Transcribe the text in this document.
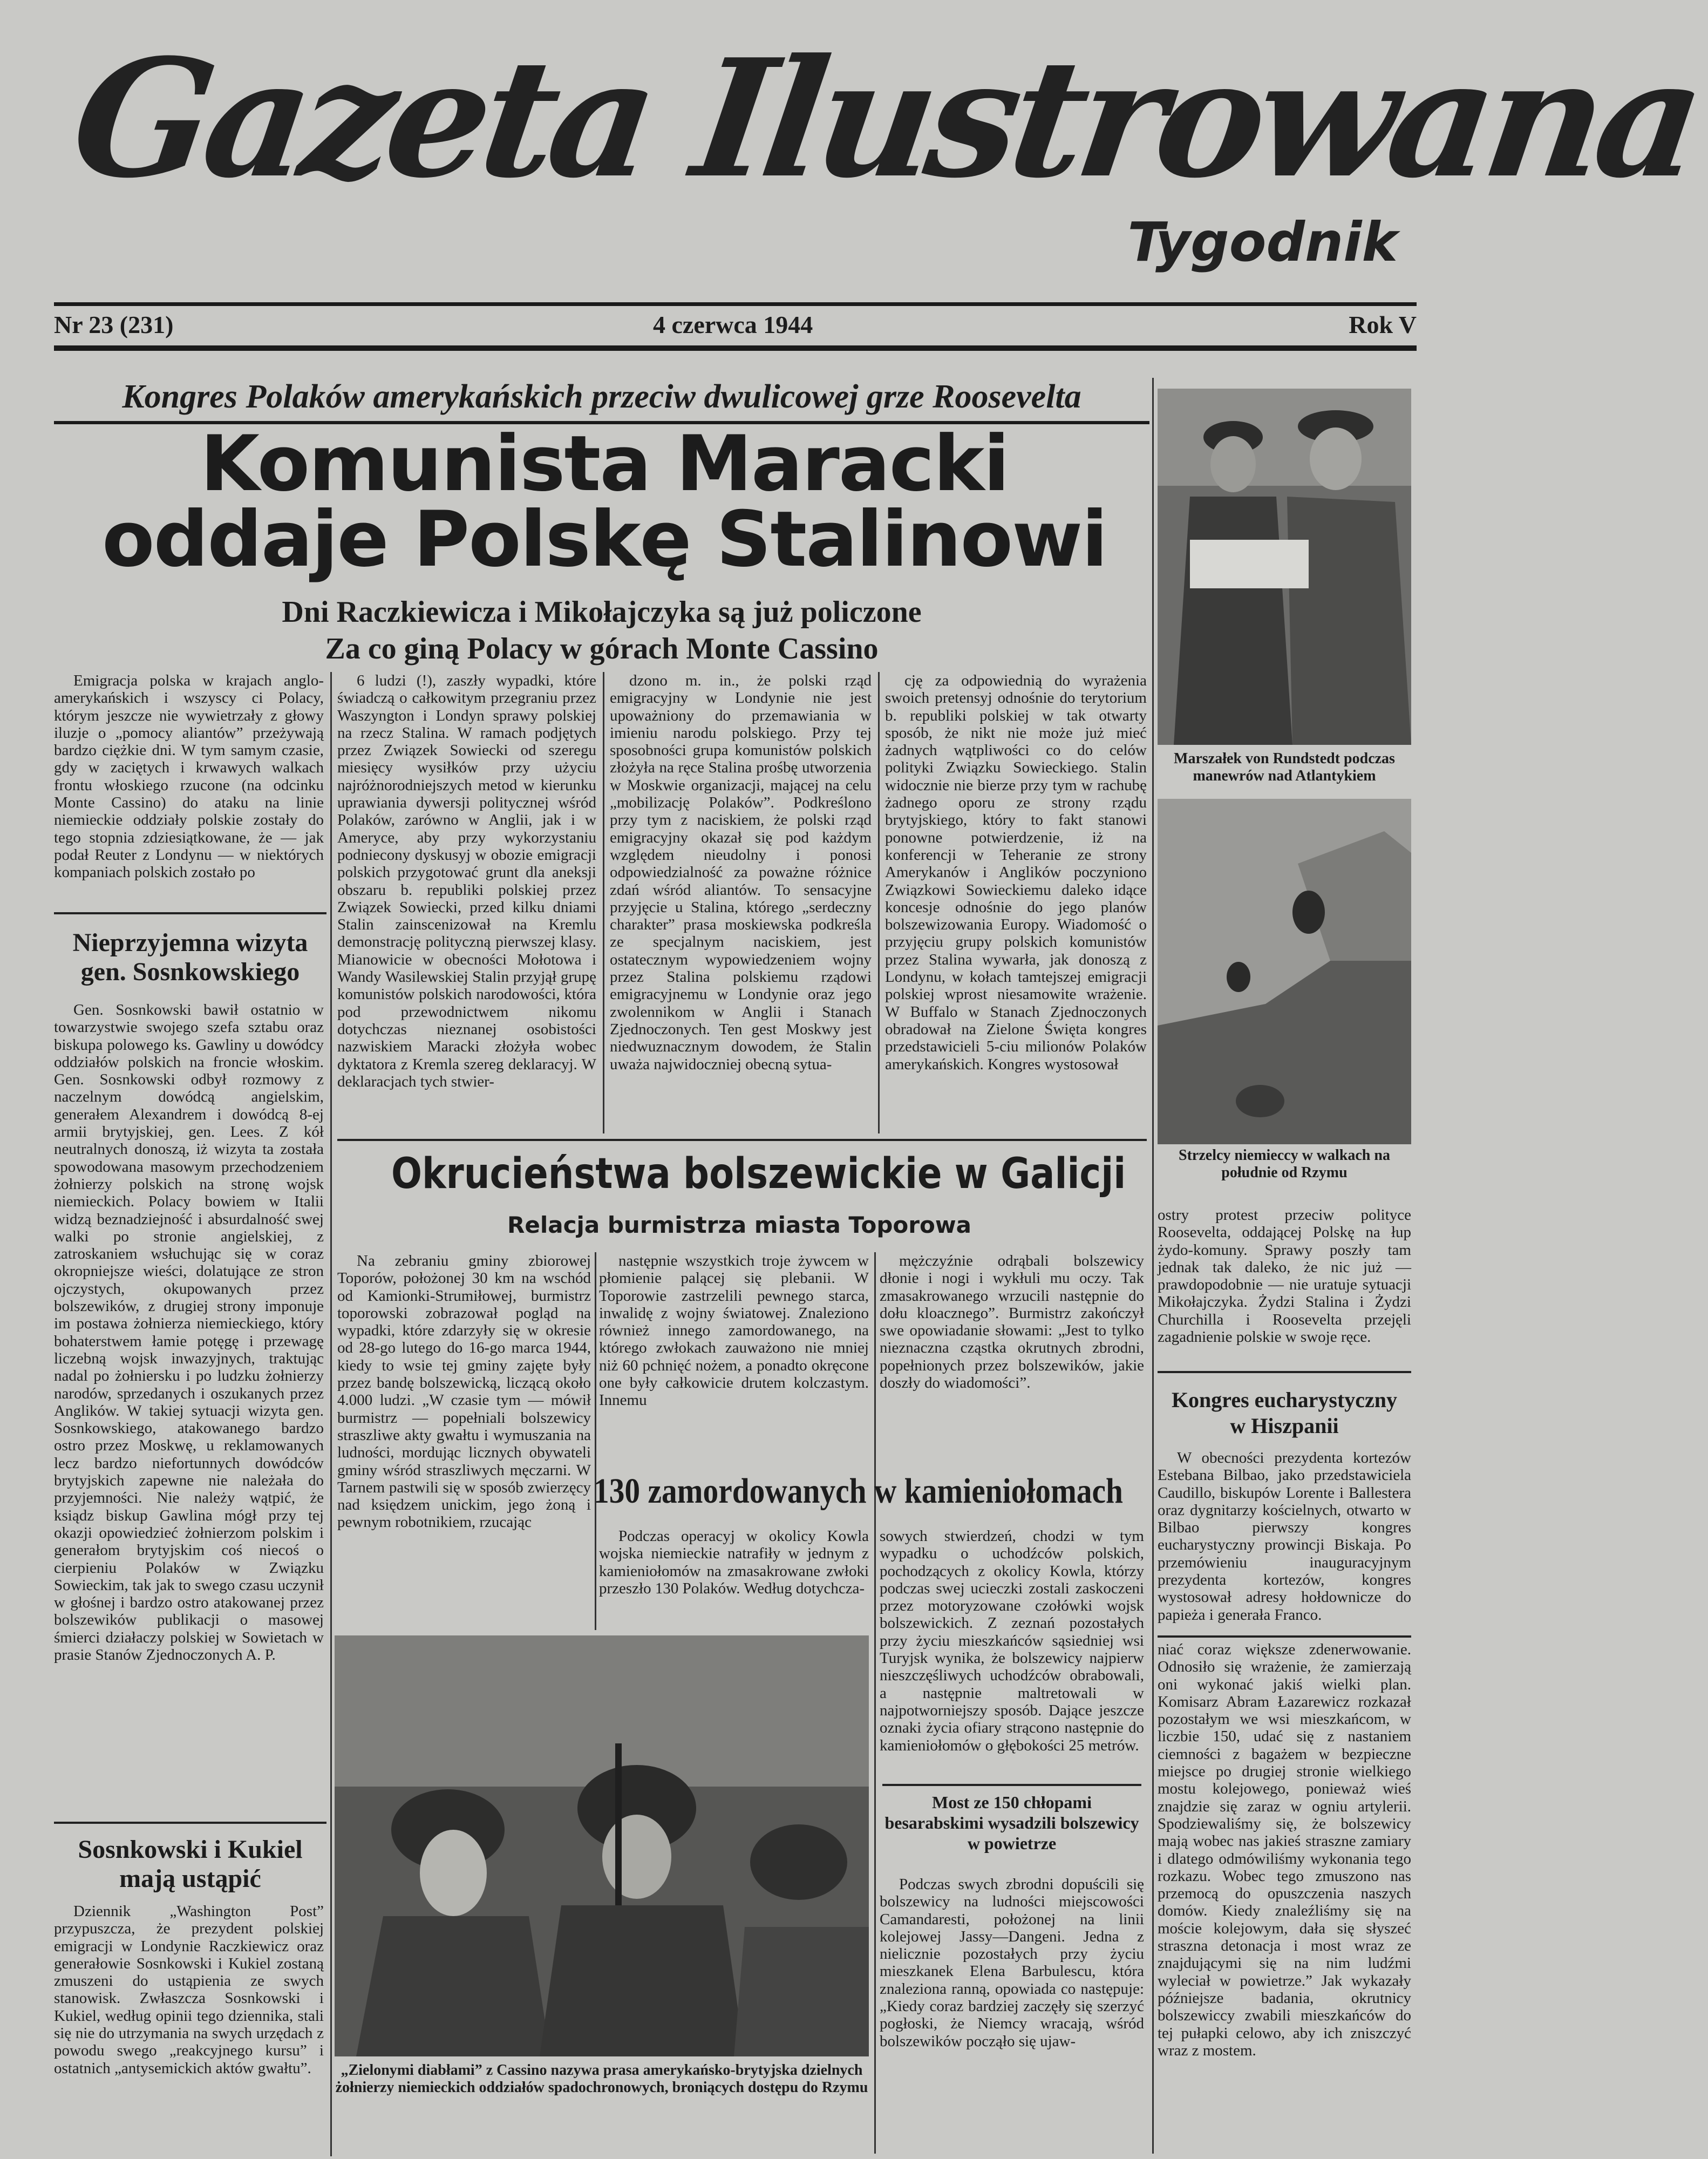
Gazeta Ilustrowana
Tygodnik
Nr 23 (231)	4 czerwca 1944	Rok V
Kongres Polaków amerykańskich przeciw dwulicowej grze Roosevelta
Komunista Maracki
oddaje Polskę Stalinowi
Dni Raczkiewicza i Mikołajczyka są już policzone
Za co giną Polacy w górach Monte Cassino

Emigracja polska w krajach anglo-amerykańskich i wszyscy ci Polacy, którym jeszcze nie wywietrzały z głowy iluzje o „pomocy aliantów” przeżywają bardzo ciężkie dni. W tym samym czasie, gdy w zaciętych i krwawych walkach frontu włoskiego rzucone (na odcinku Monte Cassino) do ataku na linie niemieckie oddziały polskie zostały do tego stopnia zdziesiątkowane, że — jak podał Reuter z Londynu — w niektórych kompaniach polskich zostało po

6 ludzi (!), zaszły wypadki, które świadczą o całkowitym przegraniu przez Waszyngton i Londyn sprawy polskiej na rzecz Stalina. W ramach podjętych przez Związek Sowiecki od szeregu miesięcy wysiłków przy użyciu najróżnorodniejszych metod w kierunku uprawiania dywersji politycznej wśród Polaków, zarówno w Anglii, jak i w Ameryce, aby przy wykorzystaniu podniecony dyskusyj w obozie emigracji polskich przygotować grunt dla aneksji obszaru b. republiki polskiej przez Związek Sowiecki, przed kilku dniami Stalin zainscenizował na Kremlu demonstrację polityczną pierwszej klasy. Mianowicie w obecności Mołotowa i Wandy Wasilewskiej Stalin przyjął grupę komunistów polskich narodowości, która pod przewodnictwem nikomu dotychczas nieznanej osobistości nazwiskiem Maracki złożyła wobec dyktatora z Kremla szereg deklaracyj. W deklaracjach tych stwier-

dzono m. in., że polski rząd emigracyjny w Londynie nie jest upoważniony do przemawiania w imieniu narodu polskiego. Przy tej sposobności grupa komunistów polskich złożyła na ręce Stalina prośbę utworzenia w Moskwie organizacji, mającej na celu „mobilizację Polaków”. Podkreślono przy tym z naciskiem, że polski rząd emigracyjny okazał się pod każdym względem nieudolny i ponosi odpowiedzialność za poważne różnice zdań wśród aliantów. To sensacyjne przyjęcie u Stalina, którego „serdeczny charakter” prasa moskiewska podkreśla ze specjalnym naciskiem, jest ostatecznym wypowiedzeniem wojny przez Stalina polskiemu rządowi emigracyjnemu w Londynie oraz jego zwolennikom w Anglii i Stanach Zjednoczonych. Ten gest Moskwy jest niedwuznacznym dowodem, że Stalin uważa najwidoczniej obecną sytua-

cję za odpowiednią do wyrażenia swoich pretensyj odnośnie do terytorium b. republiki polskiej w tak otwarty sposób, że nikt nie może już mieć żadnych wątpliwości co do celów polityki Związku Sowieckiego. Stalin widocznie nie bierze przy tym w rachubę żadnego oporu ze strony rządu brytyjskiego, który to fakt stanowi ponowne potwierdzenie, iż na konferencji w Teheranie ze strony Amerykanów i Anglików poczyniono Związkowi Sowieckiemu daleko idące koncesje odnośnie do jego planów bolszewizowania Europy. Wiadomość o przyjęciu grupy polskich komunistów przez Stalina wywarła, jak donoszą z Londynu, w kołach tamtejszej emigracji polskiej wprost niesamowite wrażenie. W Buffalo w Stanach Zjednoczonych obradował na Zielone Święta kongres przedstawicieli 5-ciu milionów Polaków amerykańskich. Kongres wystosował

Nieprzyjemna wizyta
gen. Sosnkowskiego

Gen. Sosnkowski bawił ostatnio w towarzystwie swojego szefa sztabu oraz biskupa polowego ks. Gawliny u dowódcy oddziałów polskich na froncie włoskim. Gen. Sosnkowski odbył rozmowy z naczelnym dowódcą angielskim, generałem Alexandrem i dowódcą 8-ej armii brytyjskiej, gen. Lees. Z kół neutralnych donoszą, iż wizyta ta została spowodowana masowym przechodzeniem żołnierzy polskich na stronę wojsk niemieckich. Polacy bowiem w Italii widzą beznadziejność i absurdalność swej walki po stronie angielskiej, z zatroskaniem wsłuchując się w coraz okropniejsze wieści, dolatujące ze stron ojczystych, okupowanych przez bolszewików, z drugiej strony imponuje im postawa żołnierza niemieckiego, który bohaterstwem łamie potęgę i przewagę liczebną wojsk inwazyjnych, traktując nadal po żołniersku i po ludzku żołnierzy narodów, sprzedanych i oszukanych przez Anglików. W takiej sytuacji wizyta gen. Sosnkowskiego, atakowanego bardzo ostro przez Moskwę, u reklamowanych lecz bardzo niefortunnych dowódców brytyjskich zapewne nie należała do przyjemności. Nie należy wątpić, że ksiądz biskup Gawlina mógł przy tej okazji opowiedzieć żołnierzom polskim i generałom brytyjskim coś niecoś o cierpieniu Polaków w Związku Sowieckim, tak jak to swego czasu uczynił w głośnej i bardzo ostro atakowanej przez bolszewików publikacji o masowej śmierci działaczy polskiej w Sowietach w prasie Stanów Zjednoczonych A. P.

Sosnkowski i Kukiel
mają ustąpić

Dziennik „Washington Post” przypuszcza, że prezydent polskiej emigracji w Londynie Raczkiewicz oraz generałowie Sosnkowski i Kukiel zostaną zmuszeni do ustąpienia ze swych stanowisk. Zwłaszcza Sosnkowski i Kukiel, według opinii tego dziennika, stali się nie do utrzymania na swych urzędach z powodu swego „reakcyjnego kursu” i ostatnich „antysemickich aktów gwałtu”.

Marszałek von Rundstedt podczas manewrów nad Atlantykiem
Strzelcy niemieccy w walkach na południe od Rzymu

ostry protest przeciw polityce Roosevelta, oddającej Polskę na łup żydo-komuny. Sprawy poszły tam jednak tak daleko, że nic już — prawdopodobnie — nie uratuje sytuacji Mikołajczyka. Żydzi Stalina i Żydzi Churchilla i Roosevelta przejęli zagadnienie polskie w swoje ręce.

Kongres eucharystyczny
w Hiszpanii

W obecności prezydenta kortezów Estebana Bilbao, jako przedstawiciela Caudillo, biskupów Lorente i Ballestera oraz dygnitarzy kościelnych, otwarto w Bilbao pierwszy kongres eucharystyczny prowincji Biskaja. Po przemówieniu inauguracyjnym prezydenta kortezów, kongres wystosował adresy hołdownicze do papieża i generała Franco.

Okrucieństwa bolszewickie w Galicji
Relacja burmistrza miasta Toporowa

Na zebraniu gminy zbiorowej Toporów, położonej 30 km na wschód od Kamionki-Strumiłowej, burmistrz toporowski zobrazował pogląd na wypadki, które zdarzyły się w okresie od 28-go lutego do 16-go marca 1944, kiedy to wsie tej gminy zajęte były przez bandę bolszewicką, liczącą około 4.000 ludzi. „W czasie tym — mówił burmistrz — popełniali bolszewicy straszliwe akty gwałtu i wymuszania na ludności, mordując licznych obywateli gminy wśród straszliwych męczarni. W Tarnem pastwili się w sposób zwierzęcy nad księdzem unickim, jego żoną i pewnym robotnikiem, rzucając

następnie wszystkich troje żywcem w płomienie palącej się plebanii. W Toporowie zastrzelili pewnego starca, inwalidę z wojny światowej. Znaleziono również innego zamordowanego, na którego zwłokach zauważono nie mniej niż 60 pchnięć nożem, a ponadto okręcone one były całkowicie drutem kolczastym. Innemu

mężczyźnie odrąbali bolszewicy dłonie i nogi i wykłuli mu oczy. Tak zmasakrowanego wrzucili następnie do dołu kloacznego”. Burmistrz zakończył swe opowiadanie słowami: „Jest to tylko nieznaczna cząstka okrutnych zbrodni, popełnionych przez bolszewików, jakie doszły do wiadomości”.

130 zamordowanych w kamieniołomach

Podczas operacyj w okolicy Kowla wojska niemieckie natrafiły w jednym z kamieniołomów na zmasakrowane zwłoki przeszło 130 Polaków. Według dotychcza-

sowych stwierdzeń, chodzi w tym wypadku o uchodźców polskich, pochodzących z okolicy Kowla, którzy podczas swej ucieczki zostali zaskoczeni przez motoryzowane czołówki wojsk bolszewickich. Z zeznań pozostałych przy życiu mieszkańców sąsiedniej wsi Turyjsk wynika, że bolszewicy najpierw nieszczęśliwych uchodźców obrabowali, a następnie maltretowali w najpotworniejszy sposób. Dające jeszcze oznaki życia ofiary strącono następnie do kamieniołomów o głębokości 25 metrów.

„Zielonymi diabłami” z Cassino nazywa prasa amerykańsko-brytyjska dzielnych żołnierzy niemieckich oddziałów spadochronowych, broniących dostępu do Rzymu
Most ze 150 chłopami
besarabskimi wysadzili bolszewicy
w powietrze

Podczas swych zbrodni dopuścili się bolszewicy na ludności miejscowości Camandaresti, położonej na linii kolejowej Jassy—Dangeni. Jedna z nielicznie pozostałych przy życiu mieszkanek Elena Barbulescu, która znaleziona ranną, opowiada co następuje: „Kiedy coraz bardziej zaczęły się szerzyć pogłoski, że Niemcy wracają, wśród bolszewików począło się ujaw-

niać coraz większe zdenerwowanie. Odnosiło się wrażenie, że zamierzają oni wykonać jakiś wielki plan. Komisarz Abram Łazarewicz rozkazał pozostałym we wsi mieszkańcom, w liczbie 150, udać się z nastaniem ciemności z bagażem w bezpieczne miejsce po drugiej stronie wielkiego mostu kolejowego, ponieważ wieś znajdzie się zaraz w ogniu artylerii. Spodziewaliśmy się, że bolszewicy mają wobec nas jakieś straszne zamiary i dlatego odmówiliśmy wykonania tego rozkazu. Wobec tego zmuszono nas przemocą do opuszczenia naszych domów. Kiedy znaleźliśmy się na moście kolejowym, dała się słyszeć straszna detonacja i most wraz ze znajdującymi się na nim ludźmi wyleciał w powietrze.” Jak wykazały późniejsze badania, okrutnicy bolszewiccy zwabili mieszkańców do tej pułapki celowo, aby ich zniszczyć wraz z mostem.
